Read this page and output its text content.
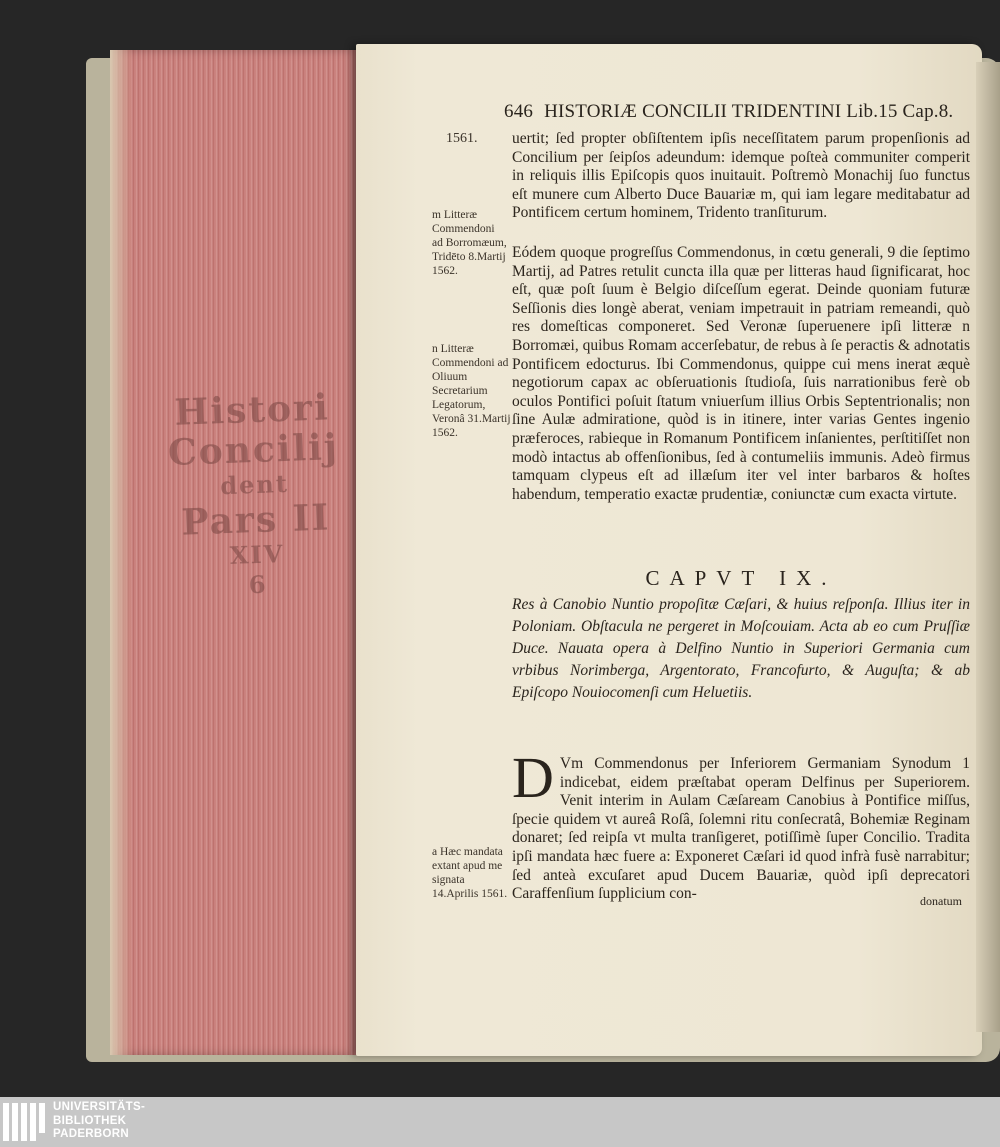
Histori
Concilij
dent
Pars II
XIV
6
646 HISTORIÆ CONCILII TRIDENTINI Lib.15 Cap.8.
1561.
m Litteræ Commendoni ad Borromæum, Tridēto 8.Martij 1562.
n Litteræ Commendoni ad Oliuum Secretarium Legatorum, Veronâ 31.Martij 1562.
a Hæc mandata extant apud me signata 14.Aprilis 1561.

uertit; ſed propter obſiſtentem ipſis neceſſitatem parum propenſionis ad Concilium per ſeipſos adeundum: idemque poſteà communiter comperit in reliquis illis Epiſcopis quos inuitauit. Poſtremò Monachij ſuo functus eſt munere cum Alberto Duce Bauariæ m, qui iam legare meditabatur ad Pontificem certum hominem, Tridento tranſiturum.

Eódem quoque progreſſus Commendonus, in cœtu generali, 9 die ſeptimo Martij, ad Patres retulit cuncta illa quæ per litteras haud ſignificarat, hoc eſt, quæ poſt ſuum è Belgio diſceſſum egerat. Deinde quoniam futuræ Seſſionis dies longè aberat, veniam impetrauit in patriam remeandi, quò res domeſticas componeret. Sed Veronæ ſuperuenere ipſi litteræ n Borromæi, quibus Romam accerſebatur, de rebus à ſe peractis & adnotatis Pontificem edocturus. Ibi Commendonus, quippe cui mens inerat æquè negotiorum capax ac obſeruationis ſtudioſa, ſuis narrationibus ferè ob oculos Pontifici poſuit ſtatum vniuerſum illius Orbis Septentrionalis; non ſine Aulæ admiratione, quòd is in itinere, inter varias Gentes ingenio præferoces, rabieque in Romanum Pontificem inſanientes, perſtitiſſet non modò intactus ab offenſionibus, ſed à contumeliis immunis. Adeò firmus tamquam clypeus eſt ad illæſum iter vel inter barbaros & hoſtes habendum, temperatio exactæ prudentiæ, coniunctæ cum exacta virtute.

CAPVT IX.
Res à Canobio Nuntio propoſitæ Cæſari, & huius reſponſa. Illius iter in Poloniam. Obſtacula ne pergeret in Moſcouiam. Acta ab eo cum Pruſſiæ Duce. Nauata opera à Delfino Nuntio in Superiori Germania cum vrbibus Norimberga, Argentorato, Francofurto, & Auguſta; & ab Epiſcopo Nouiocomenſi cum Heluetiis.
D Vm Commendonus per Inferiorem Germaniam Synodum 1 indicebat, eidem præſtabat operam Delfinus per Superiorem. Venit interim in Aulam Cæſaream Canobius à Pontifice miſſus, ſpecie quidem vt aureâ Roſâ, ſolemni ritu conſecratâ, Bohemiæ Reginam donaret; ſed reipſa vt multa tranſigeret, potiſſimè ſuper Concilio. Tradita ipſi mandata hæc fuere a: Exponeret Cæſari id quod infrà fusè narrabitur; ſed anteà excuſaret apud Ducem Bauariæ, quòd ipſi deprecatori Caraffenſium ſupplicium con-	donatum
UNIVERSITÄTS-
BIBLIOTHEK
PADERBORN
